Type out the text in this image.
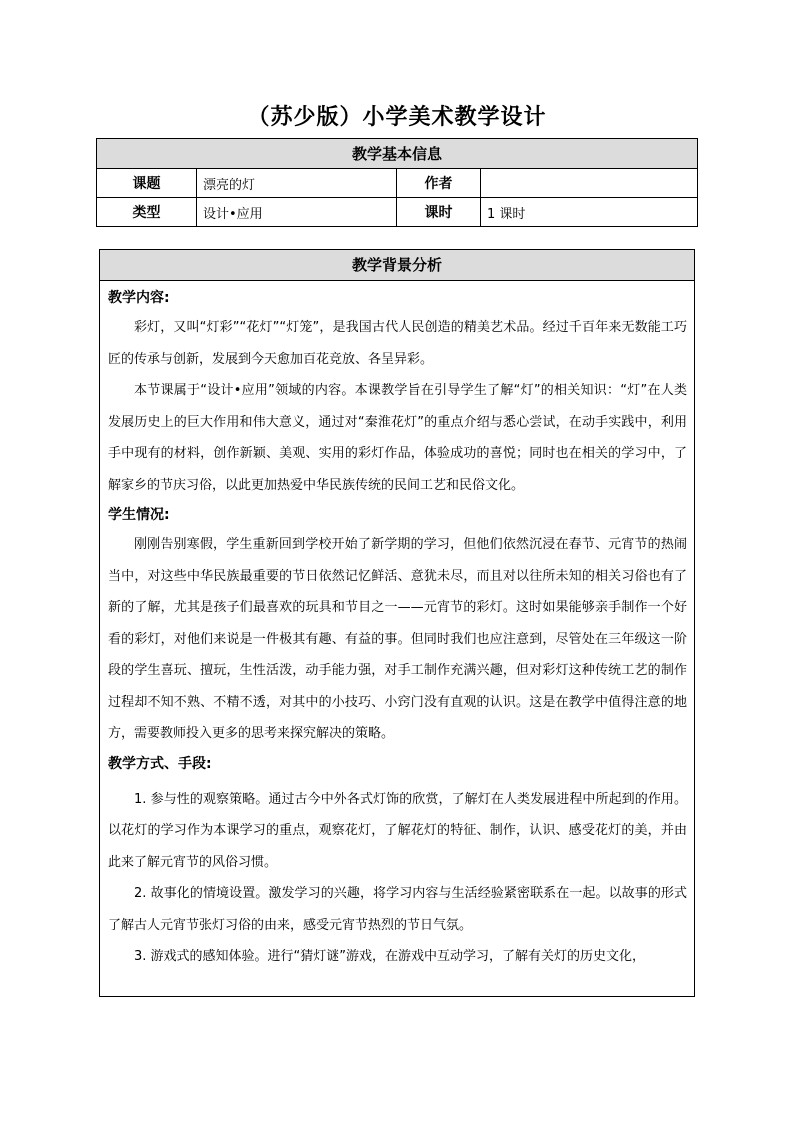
（苏少版）小学美术教学设计
教学基本信息			
课题	漂亮的灯	作者	
类型	设计•应用	课时	1 课时
教学背景分析
教学内容:

彩灯，又叫“灯彩”“花灯”“灯笼”，是我国古代人民创造的精美艺术品。经过千百年来无数能工巧匠的传承与创新，发展到今天愈加百花竞放、各呈异彩。

本节课属于“设计•应用”领域的内容。本课教学旨在引导学生了解“灯”的相关知识：“灯”在人类发展历史上的巨大作用和伟大意义，通过对“秦淮花灯”的重点介绍与悉心尝试，在动手实践中，利用手中现有的材料，创作新颖、美观、实用的彩灯作品，体验成功的喜悦；同时也在相关的学习中，了解家乡的节庆习俗，以此更加热爱中华民族传统的民间工艺和民俗文化。

学生情况:

刚刚告别寒假，学生重新回到学校开始了新学期的学习，但他们依然沉浸在春节、元宵节的热闹当中，对这些中华民族最重要的节日依然记忆鲜活、意犹未尽，而且对以往所未知的相关习俗也有了新的了解，尤其是孩子们最喜欢的玩具和节目之一——元宵节的彩灯。这时如果能够亲手制作一个好看的彩灯，对他们来说是一件极其有趣、有益的事。但同时我们也应注意到，尽管处在三年级这一阶段的学生喜玩、擅玩，生性活泼，动手能力强，对手工制作充满兴趣，但对彩灯这种传统工艺的制作过程却不知不熟、不精不透，对其中的小技巧、小窍门没有直观的认识。这是在教学中值得注意的地方，需要教师投入更多的思考来探究解决的策略。

教学方式、手段:

1. 参与性的观察策略。通过古今中外各式灯饰的欣赏，了解灯在人类发展进程中所起到的作用。以花灯的学习作为本课学习的重点，观察花灯，了解花灯的特征、制作，认识、感受花灯的美，并由此来了解元宵节的风俗习惯。

2. 故事化的情境设置。激发学习的兴趣，将学习内容与生活经验紧密联系在一起。以故事的形式了解古人元宵节张灯习俗的由来，感受元宵节热烈的节日气氛。

3. 游戏式的感知体验。进行“猜灯谜”游戏，在游戏中互动学习，了解有关灯的历史文化，
